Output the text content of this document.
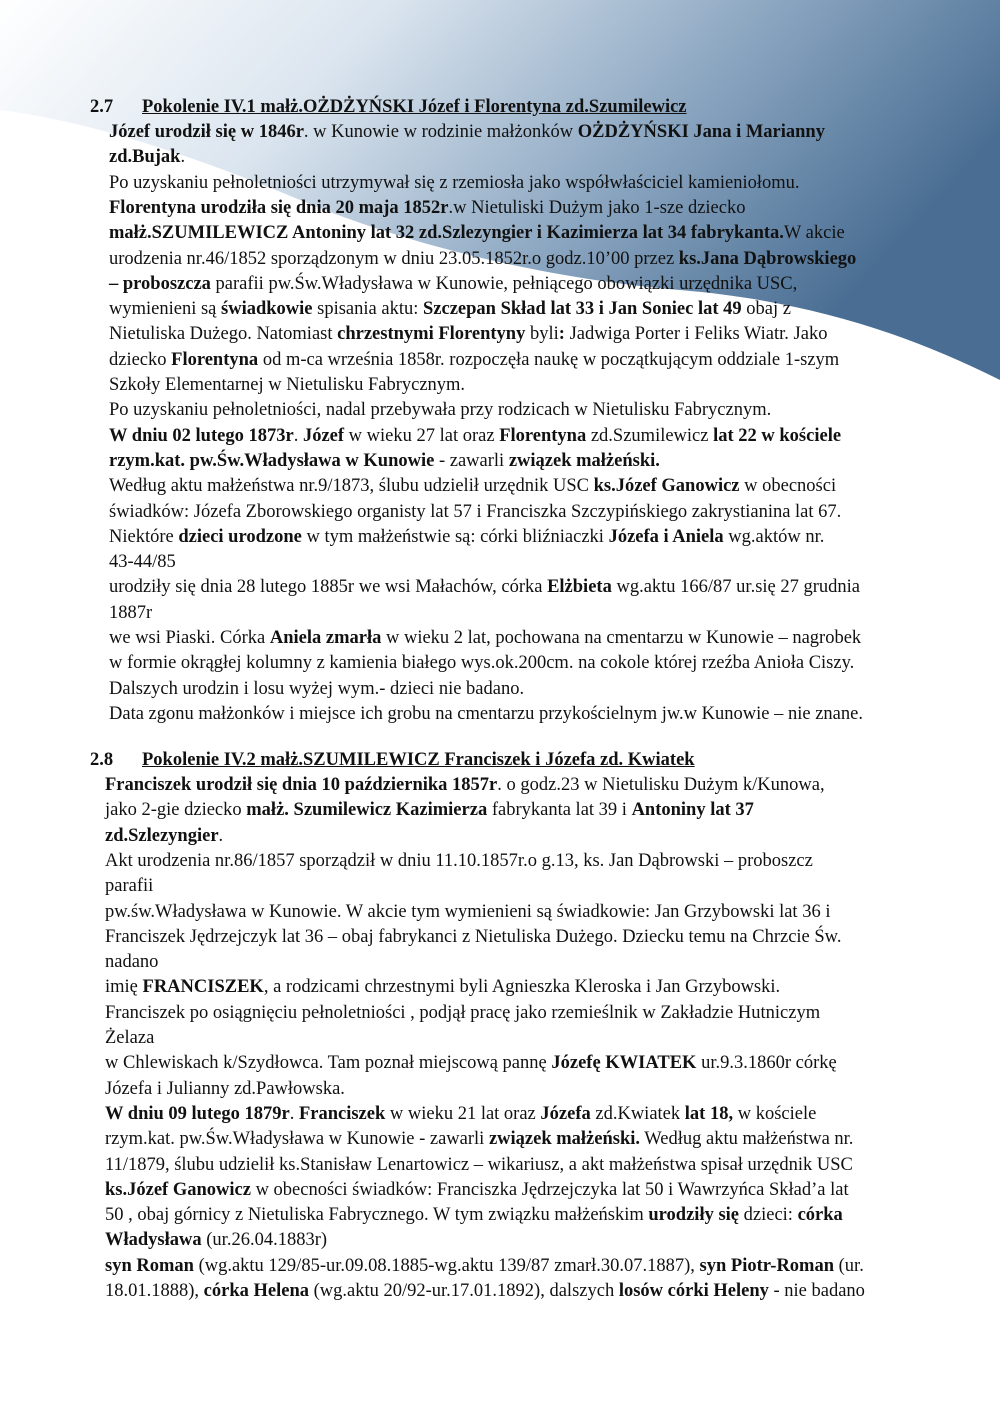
2.7 Pokolenie IV.1 małż.OŻDŻYŃSKI Józef i Florentyna zd.Szumilewicz
2.8 Pokolenie IV.2 małż.SZUMILEWICZ Franciszek i Józefa zd. Kwiatek
Józef urodził się w 1846r. w Kunowie w rodzinie małżonków OŻDŻYŃSKI Jana i Marianny
zd.Bujak.
Po uzyskaniu pełnoletniości utrzymywał się z rzemiosła jako współwłaściciel kamieniołomu.
Florentyna urodziła się dnia 20 maja 1852r.w Nietuliski Dużym jako 1-sze dziecko
małż.SZUMILEWICZ Antoniny lat 32 zd.Szlezyngier i Kazimierza lat 34 fabrykanta.W akcie
urodzenia nr.46/1852 sporządzonym w dniu 23.05.1852r.o godz.10’00 przez ks.Jana Dąbrowskiego
– proboszcza parafii pw.Św.Władysława w Kunowie, pełniącego obowiązki urzędnika USC,
wymienieni są świadkowie spisania aktu: Szczepan Skład lat 33 i Jan Soniec lat 49 obaj z
Nietuliska Dużego. Natomiast chrzestnymi Florentyny byli: Jadwiga Porter i Feliks Wiatr. Jako
dziecko Florentyna od m-ca września 1858r. rozpoczęła naukę w początkującym oddziale 1-szym
Szkoły Elementarnej w Nietulisku Fabrycznym.
Po uzyskaniu pełnoletniości, nadal przebywała przy rodzicach w Nietulisku Fabrycznym.
W dniu 02 lutego 1873r. Józef w wieku 27 lat oraz Florentyna zd.Szumilewicz lat 22 w kościele
rzym.kat. pw.Św.Władysława w Kunowie - zawarli związek małżeński.
Według aktu małżeństwa nr.9/1873, ślubu udzielił urzędnik USC ks.Józef Ganowicz w obecności
świadków: Józefa Zborowskiego organisty lat 57 i Franciszka Szczypińskiego zakrystianina lat 67.
Niektóre dzieci urodzone w tym małżeństwie są: córki bliźniaczki Józefa i Aniela wg.aktów nr.
43-44/85
urodziły się dnia 28 lutego 1885r we wsi Małachów, córka Elżbieta wg.aktu 166/87 ur.się 27 grudnia
1887r
we wsi Piaski. Córka Aniela zmarła w wieku 2 lat, pochowana na cmentarzu w Kunowie – nagrobek
w formie okrągłej kolumny z kamienia białego wys.ok.200cm. na cokole której rzeźba Anioła Ciszy.
Dalszych urodzin i losu wyżej wym.- dzieci nie badano.
Data zgonu małżonków i miejsce ich grobu na cmentarzu przykościelnym jw.w Kunowie – nie znane.
Franciszek urodził się dnia 10 października 1857r. o godz.23 w Nietulisku Dużym k/Kunowa,
jako 2-gie dziecko małż. Szumilewicz Kazimierza fabrykanta lat 39 i Antoniny lat 37
zd.Szlezyngier.
Akt urodzenia nr.86/1857 sporządził w dniu 11.10.1857r.o g.13, ks. Jan Dąbrowski – proboszcz
parafii
pw.św.Władysława w Kunowie. W akcie tym wymienieni są świadkowie: Jan Grzybowski lat 36 i
Franciszek Jędrzejczyk lat 36 – obaj fabrykanci z Nietuliska Dużego. Dziecku temu na Chrzcie Św.
nadano
imię FRANCISZEK, a rodzicami chrzestnymi byli Agnieszka Kleroska i Jan Grzybowski.
Franciszek po osiągnięciu pełnoletniości , podjął pracę jako rzemieślnik w Zakładzie Hutniczym
Żelaza
w Chlewiskach k/Szydłowca. Tam poznał miejscową pannę Józefę KWIATEK ur.9.3.1860r córkę
Józefa i Julianny zd.Pawłowska.
W dniu 09 lutego 1879r. Franciszek w wieku 21 lat oraz Józefa zd.Kwiatek lat 18, w kościele
rzym.kat. pw.Św.Władysława w Kunowie - zawarli związek małżeński. Według aktu małżeństwa nr.
11/1879, ślubu udzielił ks.Stanisław Lenartowicz – wikariusz, a akt małżeństwa spisał urzędnik USC
ks.Józef Ganowicz w obecności świadków: Franciszka Jędrzejczyka lat 50 i Wawrzyńca Skład’a lat
50 , obaj górnicy z Nietuliska Fabrycznego. W tym związku małżeńskim urodziły się dzieci: córka
Władysława (ur.26.04.1883r)
syn Roman (wg.aktu 129/85-ur.09.08.1885-wg.aktu 139/87 zmarł.30.07.1887), syn Piotr-Roman (ur.
18.01.1888), córka Helena (wg.aktu 20/92-ur.17.01.1892), dalszych losów córki Heleny - nie badano
